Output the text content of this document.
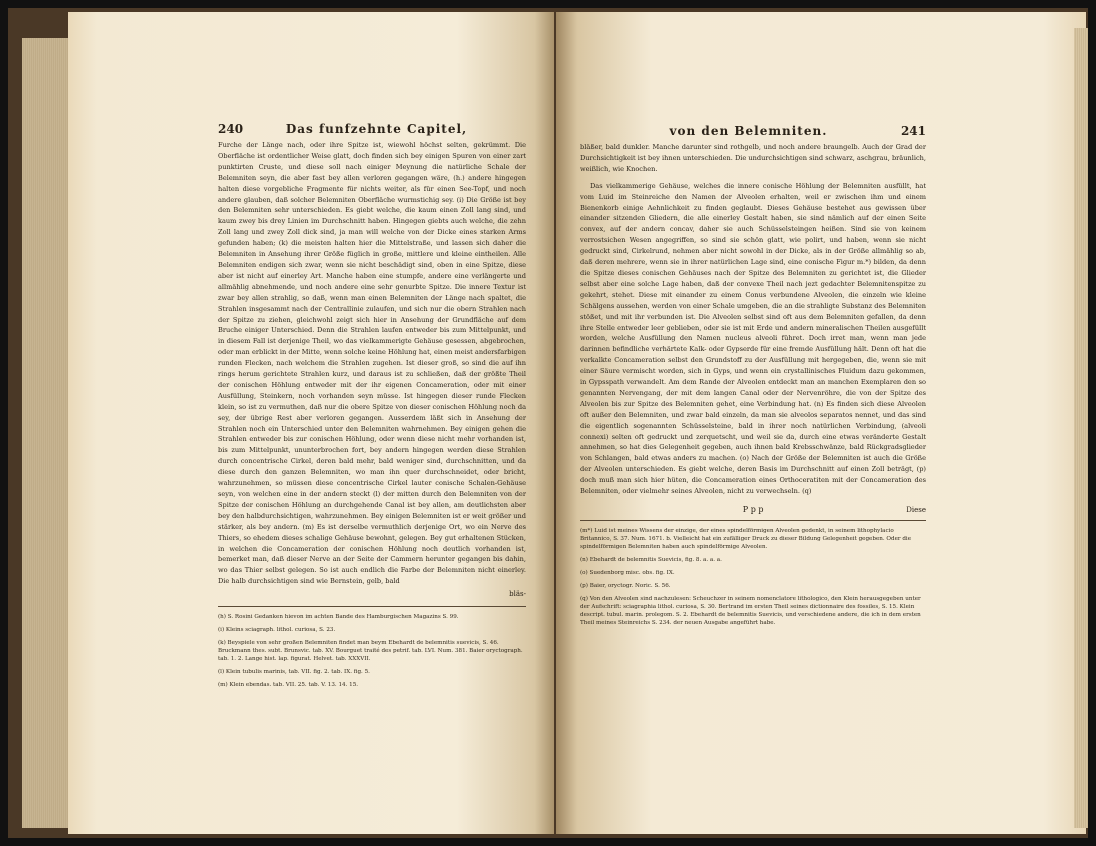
240	Das funfzehnte Capitel,

Furche der Länge nach, oder ihre Spitze ist, wiewohl höchst selten, gekrümmt. Die Oberfläche ist ordentlicher Weise glatt, doch finden sich bey einigen Spuren von einer zart punktirten Cruste, und diese soll nach einiger Meynung die natürliche Schale der Belemniten seyn, die aber fast bey allen verloren gegangen wäre, (h.) andere hingegen halten diese vorgebliche Fragmente für nichts weiter, als für einen See-Topf, und noch andere glauben, daß solcher Belemniten Oberfläche wurmstichig sey. (i) Die Größe ist bey den Belemniten sehr unterschieden. Es giebt welche, die kaum einen Zoll lang sind, und kaum zwey bis drey Linien im Durchschnitt haben. Hingegen giebts auch welche, die zehn Zoll lang und zwey Zoll dick sind, ja man will welche von der Dicke eines starken Arms gefunden haben; (k) die meisten halten hier die Mittelstraße, und lassen sich daher die Belemniten in Ansehung ihrer Größe füglich in große, mittlere und kleine eintheilen. Alle Belemniten endigen sich zwar, wenn sie nicht beschädigt sind, oben in eine Spitze, diese aber ist nicht auf einerley Art. Manche haben eine stumpfe, andere eine verlängerte und allmählig abnehmende, und noch andere eine sehr genurbte Spitze. Die innere Textur ist zwar bey allen strahlig, so daß, wenn man einen Belemniten der Länge nach spaltet, die Strahlen insgesammt nach der Centrallinie zulaufen, und sich nur die obern Strahlen nach der Spitze zu ziehen, gleichwohl zeigt sich hier in Ansehung der Grundfläche auf dem Bruche einiger Unterschied. Denn die Strahlen laufen entweder bis zum Mittelpunkt, und in diesem Fall ist derjenige Theil, wo das vielkammerigte Gehäuse gesessen, abgebrochen, oder man erblickt in der Mitte, wenn solche keine Höhlung hat, einen meist andersfarbigen runden Flecken, nach welchem die Strahlen zugehen. Ist dieser groß, so sind die auf ihn rings herum gerichtete Strahlen kurz, und daraus ist zu schließen, daß der größte Theil der conischen Höhlung entweder mit der ihr eigenen Concameration, oder mit einer Ausfüllung, Steinkern, noch vorhanden seyn müsse. Ist hingegen dieser runde Flecken klein, so ist zu vermuthen, daß nur die obere Spitze von dieser conischen Höhlung noch da sey, der übrige Rest aber verloren gegangen. Ausserdem läßt sich in Ansehung der Strahlen noch ein Unterschied unter den Belemniten wahrnehmen. Bey einigen gehen die Strahlen entweder bis zur conischen Höhlung, oder wenn diese nicht mehr vorhanden ist, bis zum Mittelpunkt, ununterbrochen fort, bey andern hingegen werden diese Strahlen durch concentrische Cirkel, deren bald mehr, bald weniger sind, durchschnitten, und da diese durch den ganzen Belemniten, wo man ihn quer durchschneidet, oder bricht, wahrzunehmen, so müssen diese concentrische Cirkel lauter conische Schalen-Gehäuse seyn, von welchen eine in der andern steckt (l) der mitten durch den Belemniten von der Spitze der conischen Höhlung an durchgehende Canal ist bey allen, am deutlichsten aber bey den halbdurchsichtigen, wahrzunehmen. Bey einigen Belemniten ist er weit größer und stärker, als bey andern. (m) Es ist derselbe vermuthlich derjenige Ort, wo ein Nerve des Thiers, so ehedem dieses schalige Gehäuse bewohnt, gelegen. Bey gut erhaltenen Stücken, in welchen die Concameration der conischen Höhlung noch deutlich vorhanden ist, bemerket man, daß dieser Nerve an der Seite der Cammern herunter gegangen bis dahin, wo das Thier selbst gelegen. So ist auch endlich die Farbe der Belemniten nicht einerley. Die halb durchsichtigen sind wie Bernstein, gelb, bald

bläs-

(h) S. Rosini Gedanken hievon im achten Bande des Hamburgischen Magazins S. 99.

(i) Kleins sciagraph. lithol. curiosa, S. 23.

(k) Beyspiele von sehr großen Belemniten findet man beym Ebehardt de belemnitis suevicis, S. 46. Bruckmann thes. subt. Brunsvic. tab. XV. Bourguet traité des petrif. tab. LVI. Num. 381. Baier oryctograph. tab. 1. 2. Lange hist. lap. figurat. Helvet. tab. XXXVII.

(l) Klein tubulis marinis, tab. VII. fig. 2. tab. IX. fig. 5.

(m) Klein ebendas. tab. VII. 25. tab. V. 13. 14. 15.

von den Belemniten.	241

bläßer, bald dunkler. Manche darunter sind rothgelb, und noch andere braungelb. Auch der Grad der Durchsichtigkeit ist bey ihnen unterschieden. Die undurchsichtigen sind schwarz, aschgrau, bräunlich, weißlich, wie Knochen.

Das vielkammerige Gehäuse, welches die innere conische Höhlung der Belemniten ausfüllt, hat vom Luid im Steinreiche den Namen der Alveolen erhalten, weil er zwischen ihm und einem Bienenkorb einige Aehnlichkeit zu finden geglaubt. Dieses Gehäuse bestehet aus gewissen über einander sitzenden Gliedern, die alle einerley Gestalt haben, sie sind nämlich auf der einen Seite convex, auf der andern concav, daher sie auch Schüsselsteingen heißen. Sind sie von keinem verrostsichen Wesen angegriffen, so sind sie schön glatt, wie polirt, und haben, wenn sie nicht gedruckt sind, Cirkelrund, nehmen aber nicht sowohl in der Dicke, als in der Größe allmählig so ab, daß deren mehrere, wenn sie in ihrer natürlichen Lage sind, eine conische Figur m.*) bilden, da denn die Spitze dieses conischen Gehäuses nach der Spitze des Belemniten zu gerichtet ist, die Glieder selbst aber eine solche Lage haben, daß der convexe Theil nach jezt gedachter Belemnitenspitze zu gekehrt, stehet. Diese mit einander zu einem Conus verbundene Alveolen, die einzeln wie kleine Schälgens aussehen, werden von einer Schale umgeben, die an die strahligte Substanz des Belemniten stößet, und mit ihr verbunden ist. Die Alveolen selbst sind oft aus dem Belemniten gefallen, da denn ihre Stelle entweder leer geblieben, oder sie ist mit Erde und andern mineralischen Theilen ausgefüllt worden, welche Ausfüllung den Namen nucleus alveoli führet. Doch irret man, wenn man jede darinnen befindliche verhärtete Kalk- oder Gypserde für eine fremde Ausfüllung hält. Denn oft hat die verkalkte Concameration selbst den Grundstoff zu der Ausfüllung mit hergegeben, die, wenn sie mit einer Säure vermischt worden, sich in Gyps, und wenn ein crystallinisches Fluidum dazu gekommen, in Gypsspath verwandelt. Am dem Rande der Alveolen entdeckt man an manchen Exemplaren den so genannten Nervengang, der mit dem langen Canal oder der Nervenröhre, die von der Spitze des Alveolen bis zur Spitze des Belemniten gehet, eine Verbindung hat. (n) Es finden sich diese Alveolen oft außer den Belemniten, und zwar bald einzeln, da man sie alveolos separatos nennet, und das sind die eigentlich sogenannten Schüsselsteine, bald in ihrer noch natürlichen Verbindung, (alveoli connexi) selten oft gedruckt und zerquetscht, und weil sie da, durch eine etwas veränderte Gestalt annehmen, so hat dies Gelegenheit gegeben, auch ihnen bald Krebsschwänze, bald Rückgradsglieder von Schlangen, bald etwas anders zu machen. (o) Nach der Größe der Belemniten ist auch die Größe der Alveolen unterschieden. Es giebt welche, deren Basis im Durchschnitt auf einen Zoll beträgt, (p) doch muß man sich hier hüten, die Concameration eines Orthoceratiten mit der Concameration des Belemniten, oder vielmehr seines Alveolen, nicht zu verwechseln. (q)

P p p	Diese

(m*) Luid ist meines Wissens der einzige, der eines spindelförmigen Alveolen gedenkt, in seinem lithophylacio Britannico, S. 37. Num. 1671. b. Vielleicht hat ein zufälliger Druck zu dieser Bildung Gelegenheit gegeben. Oder die spindelförmigen Belemniten haben auch spindelförmige Alveolen.

(n) Ebehardt de belemnitis Suevicis, fig. 8. a. a. a.

(o) Suedenborg misc. obs. fig. IX.

(p) Baier, oryctogr. Noric. S. 56.

(q) Von den Alveolen sind nachzulesen: Scheuchzer in seinem nomenclatore lithologico, den Klein herausgegeben unter der Aufschrift: sciagraphia lithol. curiosa, S. 30. Bertrand im ersten Theil seines dictionnaire des fossiles, S. 15. Klein descript. tubul. marin. prolegom. S. 2. Ebehardt de belemnitis Suevicis, und verschiedene andere, die ich in dem ersten Theil meines Steinreichs S. 234. der neuen Ausgabe angeführt habe.
